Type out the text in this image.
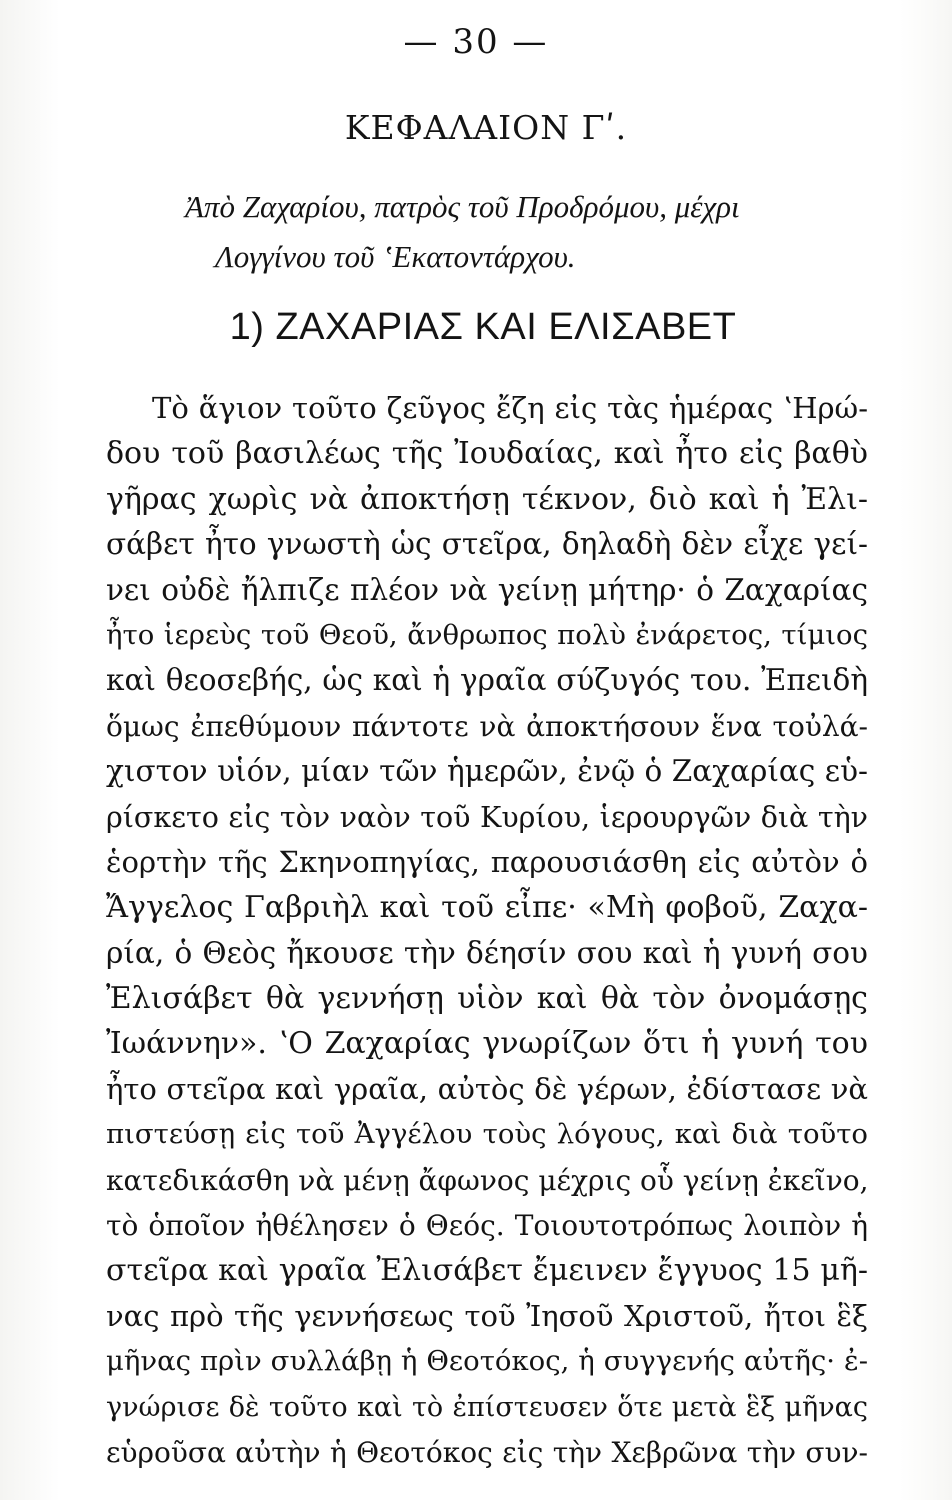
— 30 —
ΚΕΦΑΛΑΙΟΝ Γʹ.
Ἀπὸ Ζαχαρίου, πατρὸς τοῦ Προδρόμου, μέχρι
Λογγίνου τοῦ ʽΕκατοντάρχου.
1) ΖΑΧΑΡΙΑΣ ΚΑΙ ΕΛΙΣΑΒΕΤ
Τὸ ἅγιον τοῦτο ζεῦγος ἔζη εἰς τὰς ἡμέρας ʽΗρώ-
δου τοῦ βασιλέως τῆς Ἰουδαίας, καὶ ἦτο εἰς βαθὺ
γῆρας χωρὶς νὰ ἀποκτήσῃ τέκνον, διὸ καὶ ἡ Ἐλι-
σάβετ ἦτο γνωστὴ ὡς στεῖρα, δηλαδὴ δὲν εἶχε γεί-
νει οὐδὲ ἤλπιζε πλέον νὰ γείνῃ μήτηρ· ὁ Ζαχαρίας
ἦτο ἱερεὺς τοῦ Θεοῦ, ἄνθρωπος πολὺ ἐνάρετος, τίμιος
καὶ θεοσεβής, ὡς καὶ ἡ γραῖα σύζυγός του. Ἐπειδὴ
ὅμως ἐπεθύμουν πάντοτε νὰ ἀποκτήσουν ἕνα τοὐλά-
χιστον υἱόν, μίαν τῶν ἡμερῶν, ἐνῷ ὁ Ζαχαρίας εὑ-
ρίσκετο εἰς τὸν ναὸν τοῦ Κυρίου, ἱερουργῶν διὰ τὴν
ἑορτὴν τῆς Σκηνοπηγίας, παρουσιάσθη εἰς αὐτὸν ὁ
Ἄγγελος Γαβριὴλ καὶ τοῦ εἶπε· «Μὴ φοβοῦ, Ζαχα-
ρία, ὁ Θεὸς ἤκουσε τὴν δέησίν σου καὶ ἡ γυνή σου
Ἐλισάβετ θὰ γεννήσῃ υἱὸν καὶ θὰ τὸν ὀνομάσῃς
Ἰωάννην». ʽΟ Ζαχαρίας γνωρίζων ὅτι ἡ γυνή του
ἦτο στεῖρα καὶ γραῖα, αὐτὸς δὲ γέρων, ἐδίστασε νὰ
πιστεύσῃ εἰς τοῦ Ἀγγέλου τοὺς λόγους, καὶ διὰ τοῦτο
κατεδικάσθη νὰ μένῃ ἄφωνος μέχρις οὗ γείνῃ ἐκεῖνο,
τὸ ὁποῖον ἠθέλησεν ὁ Θεός. Τοιουτοτρόπως λοιπὸν ἡ
στεῖρα καὶ γραῖα Ἐλισάβετ ἔμεινεν ἔγγυος 15 μῆ-
νας πρὸ τῆς γεννήσεως τοῦ Ἰησοῦ Χριστοῦ, ἤτοι ἓξ
μῆνας πρὶν συλλάβῃ ἡ Θεοτόκος, ἡ συγγενής αὐτῆς· ἐ-
γνώρισε δὲ τοῦτο καὶ τὸ ἐπίστευσεν ὅτε μετὰ ἓξ μῆνας
εὑροῦσα αὐτὴν ἡ Θεοτόκος εἰς τὴν Χεβρῶνα τὴν συν-
